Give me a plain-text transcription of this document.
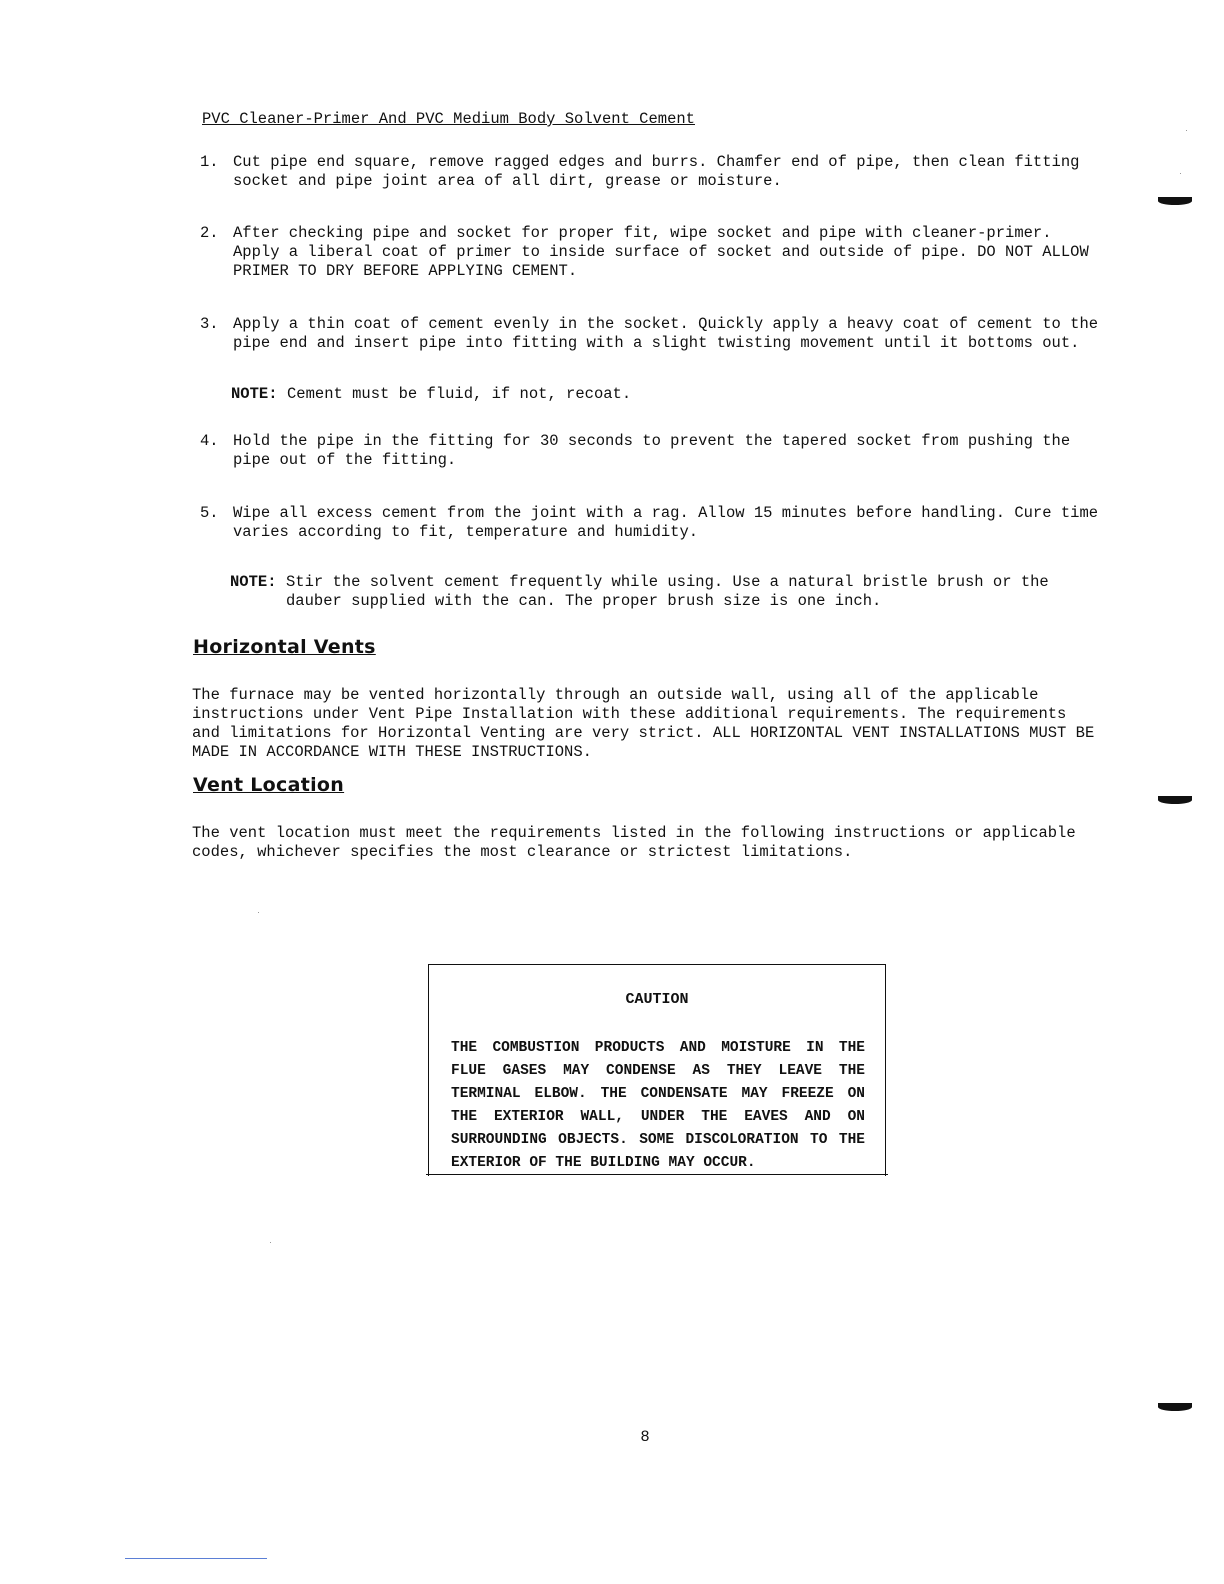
PVC Cleaner-Primer And PVC Medium Body Solvent Cement
1. Cut pipe end square, remove ragged edges and burrs. Chamfer end of pipe, then clean fitting socket and pipe joint area of all dirt, grease or moisture.
2. After checking pipe and socket for proper fit, wipe socket and pipe with cleaner-primer. Apply a liberal coat of primer to inside surface of socket and outside of pipe. DO NOT ALLOW PRIMER TO DRY BEFORE APPLYING CEMENT.
3. Apply a thin coat of cement evenly in the socket. Quickly apply a heavy coat of cement to the pipe end and insert pipe into fitting with a slight twisting movement until it bottoms out.
NOTE: Cement must be fluid, if not, recoat.
4. Hold the pipe in the fitting for 30 seconds to prevent the tapered socket from pushing the pipe out of the fitting.
5. Wipe all excess cement from the joint with a rag. Allow 15 minutes before handling. Cure time varies according to fit, temperature and humidity.
NOTE: Stir the solvent cement frequently while using. Use a natural bristle brush or the dauber supplied with the can. The proper brush size is one inch.
Horizontal Vents
The furnace may be vented horizontally through an outside wall, using all of the applicable instructions under Vent Pipe Installation with these additional requirements. The requirements and limitations for Horizontal Venting are very strict. ALL HORIZONTAL VENT INSTALLATIONS MUST BE MADE IN ACCORDANCE WITH THESE INSTRUCTIONS.
Vent Location
The vent location must meet the requirements listed in the following instructions or applicable codes, whichever specifies the most clearance or strictest limitations.
CAUTION
THE COMBUSTION PRODUCTS AND MOISTURE IN THE FLUE GASES MAY CONDENSE AS THEY LEAVE THE TERMINAL ELBOW. THE CONDENSATE MAY FREEZE ON THE EXTERIOR WALL, UNDER THE EAVES AND ON SURROUNDING OBJECTS. SOME DISCOLORATION TO THE EXTERIOR OF THE BUILDING MAY OCCUR.
8
